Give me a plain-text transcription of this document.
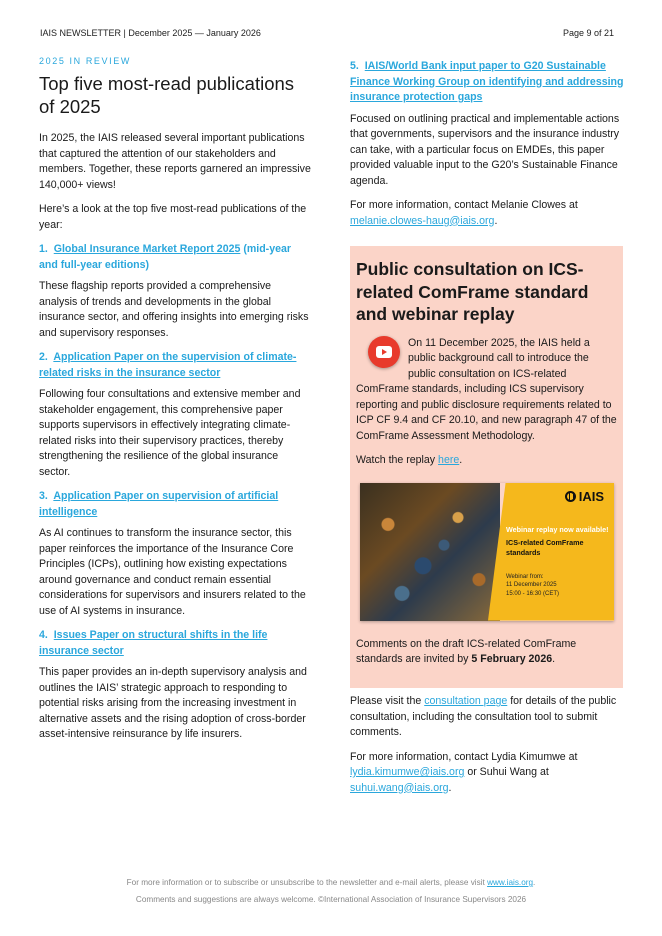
IAIS NEWSLETTER | December 2025 — January 2026	Page 9 of 21
2025 IN REVIEW
Top five most-read publications of 2025

In 2025, the IAIS released several important publications that captured the attention of our stakeholders and members. Together, these reports garnered an impressive 140,000+ views!

Here’s a look at the top five most-read publications of the year:

1. Global Insurance Market Report 2025 (mid-year and full-year editions)

These flagship reports provided a comprehensive analysis of trends and developments in the global insurance sector, and offering insights into emerging risks and supervisory responses.

2. Application Paper on the supervision of climate-related risks in the insurance sector

Following four consultations and extensive member and stakeholder engagement, this comprehensive paper supports supervisors in effectively integrating climate-related risks into their supervisory practices, thereby strengthening the resilience of the global insurance sector.

3. Application Paper on supervision of artificial intelligence

As AI continues to transform the insurance sector, this paper reinforces the importance of the Insurance Core Principles (ICPs), outlining how existing expectations around governance and conduct remain essential considerations for supervisors and insurers related to the use of AI systems in insurance.

4. Issues Paper on structural shifts in the life insurance sector

This paper provides an in-depth supervisory analysis and outlines the IAIS’ strategic approach to responding to potential risks arising from the increasing investment in alternative assets and the rising adoption of cross-border asset-intensive reinsurance by life insurers.

5. IAIS/World Bank input paper to G20 Sustainable Finance Working Group on identifying and addressing insurance protection gaps

Focused on outlining practical and implementable actions that governments, supervisors and the insurance industry can take, with a particular focus on EMDEs, this paper provided valuable input to the G20’s Sustainable Finance agenda.

For more information, contact Melanie Clowes at melanie.clowes-haug@iais.org.

Public consultation on ICS-related ComFrame standard and webinar replay

On 11 December 2025, the IAIS held a public background call to introduce the public consultation on ICS-related ComFrame standards, including ICS supervisory reporting and public disclosure requirements related to ICP CF 9.4 and CF 20.10, and new paragraph 47 of the ComFrame Assessment Methodology.

Watch the replay here.

IAIS
Webinar replay now available!
ICS-related ComFrame standards
Webinar from:
11 December 2025
15:00 - 16:30 (CET)

Comments on the draft ICS-related ComFrame standards are invited by 5 February 2026.

Please visit the consultation page for details of the public consultation, including the consultation tool to submit comments.

For more information, contact Lydia Kimumwe at lydia.kimumwe@iais.org or Suhui Wang at suhui.wang@iais.org.

For more information or to subscribe or unsubscribe to the newsletter and e-mail alerts, please visit www.iais.org.
Comments and suggestions are always welcome. ©International Association of Insurance Supervisors 2026
